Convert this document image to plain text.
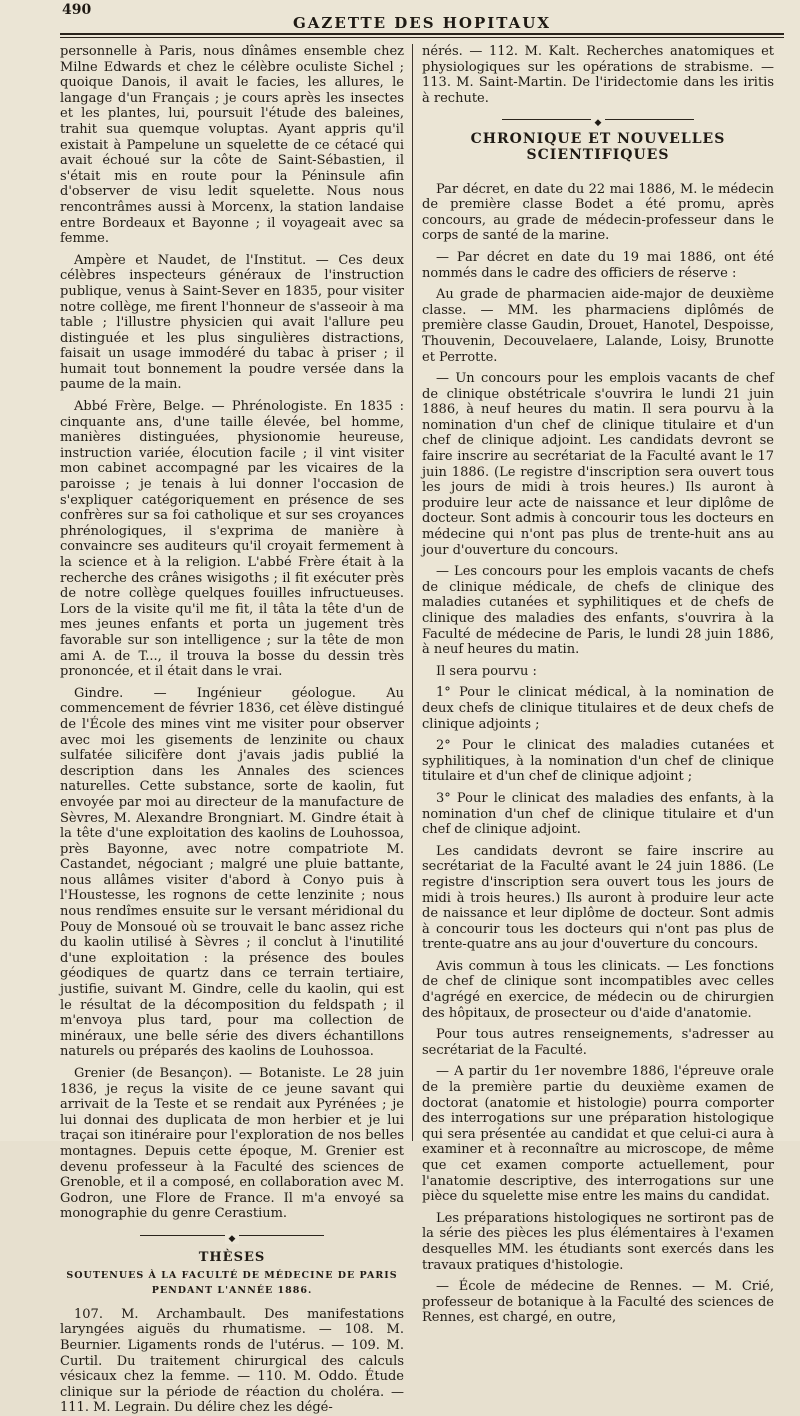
490
GAZETTE DES HOPITAUX

personnelle à Paris, nous dînâmes ensemble chez Milne Edwards et chez le célèbre oculiste Sichel ; quoique Danois, il avait le facies, les allures, le langage d'un Français ; je cours après les insectes et les plantes, lui, poursuit l'étude des baleines, trahit sua quemque voluptas. Ayant appris qu'il existait à Pampelune un squelette de ce cétacé qui avait échoué sur la côte de Saint-Sébastien, il s'était mis en route pour la Péninsule afin d'observer de visu ledit squelette. Nous nous rencontrâmes aussi à Morcenx, la station landaise entre Bordeaux et Bayonne ; il voyageait avec sa femme.

Ampère et Naudet, de l'Institut. — Ces deux célèbres inspecteurs généraux de l'instruction publique, venus à Saint-Sever en 1835, pour visiter notre collège, me firent l'honneur de s'asseoir à ma table ; l'illustre physicien qui avait l'allure peu distinguée et les plus singulières distractions, faisait un usage immodéré du tabac à priser ; il humait tout bonnement la poudre versée dans la paume de la main.

Abbé Frère, Belge. — Phrénologiste. En 1835 : cinquante ans, d'une taille élevée, bel homme, manières distinguées, physionomie heureuse, instruction variée, élocution facile ; il vint visiter mon cabinet accompagné par les vicaires de la paroisse ; je tenais à lui donner l'occasion de s'expliquer catégoriquement en présence de ses confrères sur sa foi catholique et sur ses croyances phrénologiques, il s'exprima de manière à convaincre ses auditeurs qu'il croyait fermement à la science et à la religion. L'abbé Frère était à la recherche des crânes wisigoths ; il fit exécuter près de notre collège quelques fouilles infructueuses. Lors de la visite qu'il me fit, il tâta la tête d'un de mes jeunes enfants et porta un jugement très favorable sur son intelligence ; sur la tête de mon ami A. de T..., il trouva la bosse du dessin très prononcée, et il était dans le vrai.

Gindre. — Ingénieur géologue. Au commencement de février 1836, cet élève distingué de l'École des mines vint me visiter pour observer avec moi les gisements de lenzinite ou chaux sulfatée silicifère dont j'avais jadis publié la description dans les Annales des sciences naturelles. Cette substance, sorte de kaolin, fut envoyée par moi au directeur de la manufacture de Sèvres, M. Alexandre Brongniart. M. Gindre était à la tête d'une exploitation des kaolins de Louhossoa, près Bayonne, avec notre compatriote M. Castandet, négociant ; malgré une pluie battante, nous allâmes visiter d'abord à Conyo puis à l'Houstesse, les rognons de cette lenzinite ; nous nous rendîmes ensuite sur le versant méridional du Pouy de Monsoué où se trouvait le banc assez riche du kaolin utilisé à Sèvres ; il conclut à l'inutilité d'une exploitation : la présence des boules géodiques de quartz dans ce terrain tertiaire, justifie, suivant M. Gindre, celle du kaolin, qui est le résultat de la décomposition du feldspath ; il m'envoya plus tard, pour ma collection de minéraux, une belle série des divers échantillons naturels ou préparés des kaolins de Louhossoa.

Grenier (de Besançon). — Botaniste. Le 28 juin 1836, je reçus la visite de ce jeune savant qui arrivait de la Teste et se rendait aux Pyrénées ; je lui donnai des duplicata de mon herbier et je lui traçai son itinéraire pour l'exploration de nos belles montagnes. Depuis cette époque, M. Grenier est devenu professeur à la Faculté des sciences de Grenoble, et il a composé, en collaboration avec M. Godron, une Flore de France. Il m'a envoyé sa monographie du genre Cerastium.

◆
THÈSES
SOUTENUES À LA FACULTÉ DE MÉDECINE DE PARIS
PENDANT L'ANNÉE 1886.

107. M. Archambault. Des manifestations laryngées aiguës du rhumatisme. — 108. M. Beurnier. Ligaments ronds de l'utérus. — 109. M. Curtil. Du traitement chirurgical des calculs vésicaux chez la femme. — 110. M. Oddo. Étude clinique sur la période de réaction du choléra. — 111. M. Legrain. Du délire chez les dégé-

nérés. — 112. M. Kalt. Recherches anatomiques et physiologiques sur les opérations de strabisme. — 113. M. Saint-Martin. De l'iridectomie dans les iritis à rechute.

◆
CHRONIQUE ET NOUVELLES SCIENTIFIQUES

Par décret, en date du 22 mai 1886, M. le médecin de première classe Bodet a été promu, après concours, au grade de médecin-professeur dans le corps de santé de la marine.

— Par décret en date du 19 mai 1886, ont été nommés dans le cadre des officiers de réserve :

Au grade de pharmacien aide-major de deuxième classe. — MM. les pharmaciens diplômés de première classe Gaudin, Drouet, Hanotel, Despoisse, Thouvenin, Decouvelaere, Lalande, Loisy, Brunotte et Perrotte.

— Un concours pour les emplois vacants de chef de clinique obstétricale s'ouvrira le lundi 21 juin 1886, à neuf heures du matin. Il sera pourvu à la nomination d'un chef de clinique titulaire et d'un chef de clinique adjoint. Les candidats devront se faire inscrire au secrétariat de la Faculté avant le 17 juin 1886. (Le registre d'inscription sera ouvert tous les jours de midi à trois heures.) Ils auront à produire leur acte de naissance et leur diplôme de docteur. Sont admis à concourir tous les docteurs en médecine qui n'ont pas plus de trente-huit ans au jour d'ouverture du concours.

— Les concours pour les emplois vacants de chefs de clinique médicale, de chefs de clinique des maladies cutanées et syphilitiques et de chefs de clinique des maladies des enfants, s'ouvrira à la Faculté de médecine de Paris, le lundi 28 juin 1886, à neuf heures du matin.

Il sera pourvu :

1° Pour le clinicat médical, à la nomination de deux chefs de clinique titulaires et de deux chefs de clinique adjoints ;

2° Pour le clinicat des maladies cutanées et syphilitiques, à la nomination d'un chef de clinique titulaire et d'un chef de clinique adjoint ;

3° Pour le clinicat des maladies des enfants, à la nomination d'un chef de clinique titulaire et d'un chef de clinique adjoint.

Les candidats devront se faire inscrire au secrétariat de la Faculté avant le 24 juin 1886. (Le registre d'inscription sera ouvert tous les jours de midi à trois heures.) Ils auront à produire leur acte de naissance et leur diplôme de docteur. Sont admis à concourir tous les docteurs qui n'ont pas plus de trente-quatre ans au jour d'ouverture du concours.

Avis commun à tous les clinicats. — Les fonctions de chef de clinique sont incompatibles avec celles d'agrégé en exercice, de médecin ou de chirurgien des hôpitaux, de prosecteur ou d'aide d'anatomie.

Pour tous autres renseignements, s'adresser au secrétariat de la Faculté.

— A partir du 1er novembre 1886, l'épreuve orale de la première partie du deuxième examen de doctorat (anatomie et histologie) pourra comporter des interrogations sur une préparation histologique qui sera présentée au candidat et que celui-ci aura à examiner et à reconnaître au microscope, de même que cet examen comporte actuellement, pour l'anatomie descriptive, des interrogations sur une pièce du squelette mise entre les mains du candidat.

Les préparations histologiques ne sortiront pas de la série des pièces les plus élémentaires à l'examen desquelles MM. les étudiants sont exercés dans les travaux pratiques d'histologie.

— École de médecine de Rennes. — M. Crié, professeur de botanique à la Faculté des sciences de Rennes, est chargé, en outre,
